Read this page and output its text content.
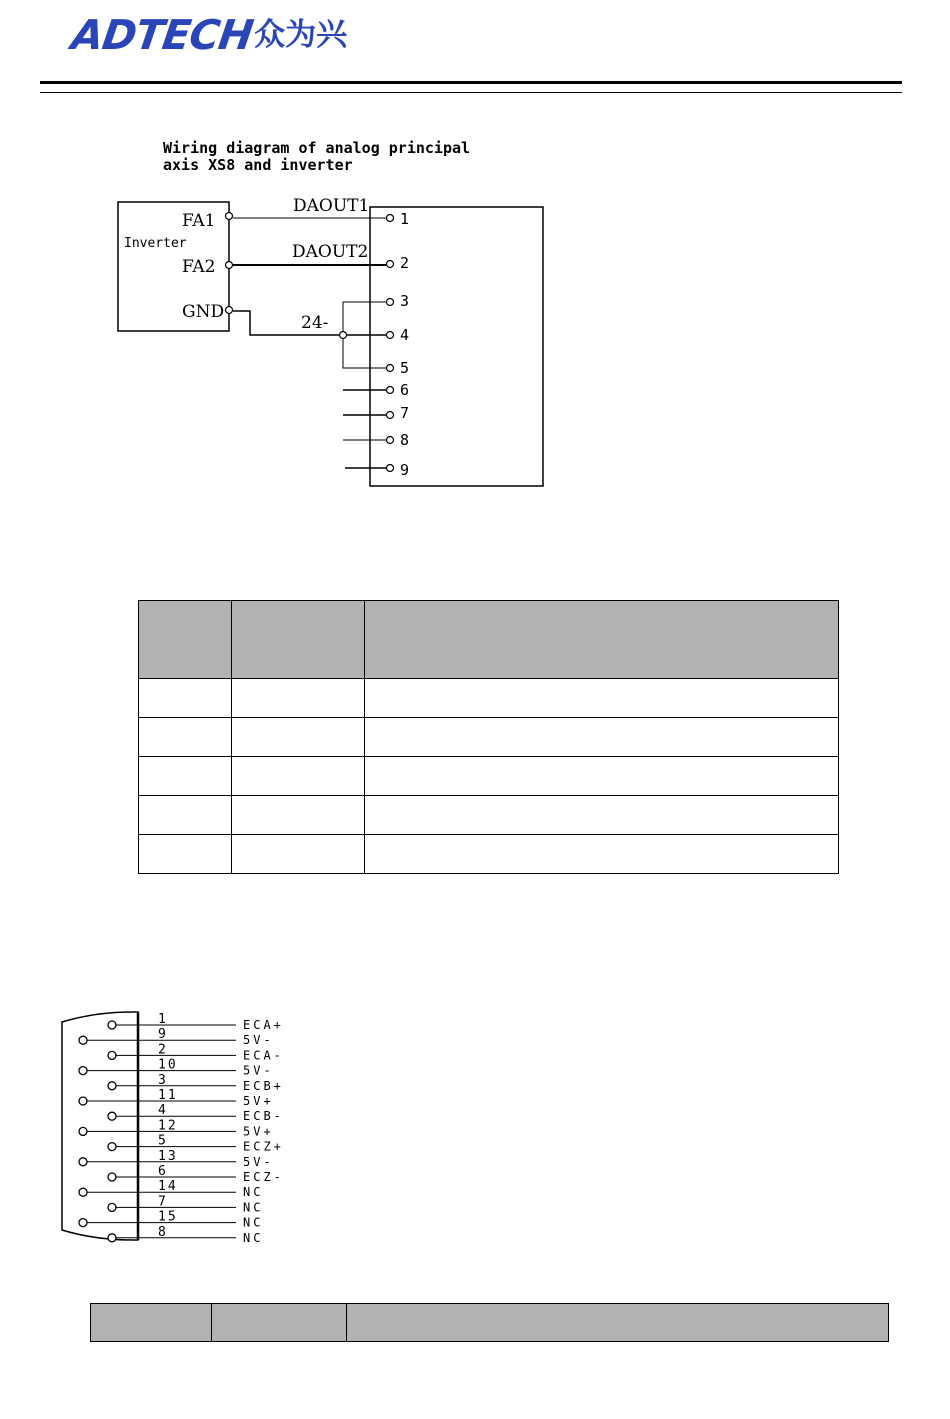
ADTECH
众为兴
Wiring diagram of analog principal
axis XS8 and inverter
Inverter
FA1
FA2
GND
DAOUT1
DAOUT2
24-
1
2
3
4
5
6
7
8
9

1	ECA+
9	5V-
2	ECA-
10	5V-
3	ECB+
11	5V+
4	ECB-
12	5V+
5	ECZ+
13	5V-
6	ECZ-
14	NC
7	NC
15	NC
8	NC
